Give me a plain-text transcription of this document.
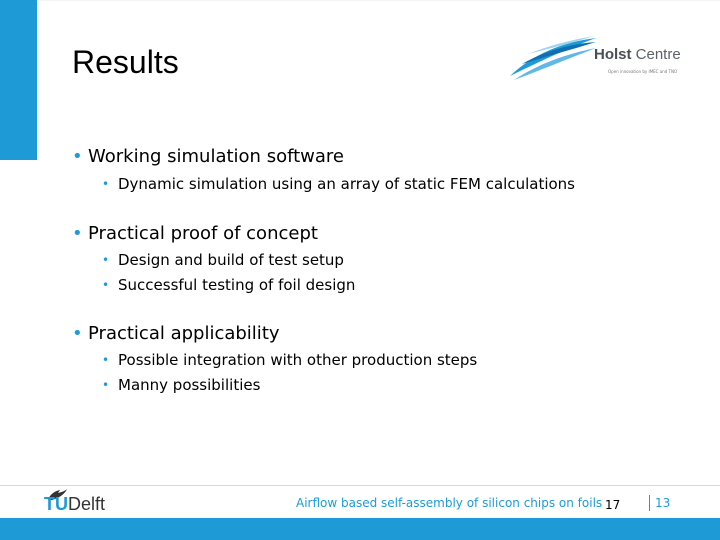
Results	Holst Centre
Open innovation by IMEC and TNO
• Working simulation software
• Dynamic simulation using an array of static FEM calculations
• Practical proof of concept
• Design and build of test setup
• Successful testing of foil design
• Practical applicability
• Possible integration with other production steps
• Manny possibilities
TUDelft	Airflow based self-assembly of silicon chips on foils 17	13
